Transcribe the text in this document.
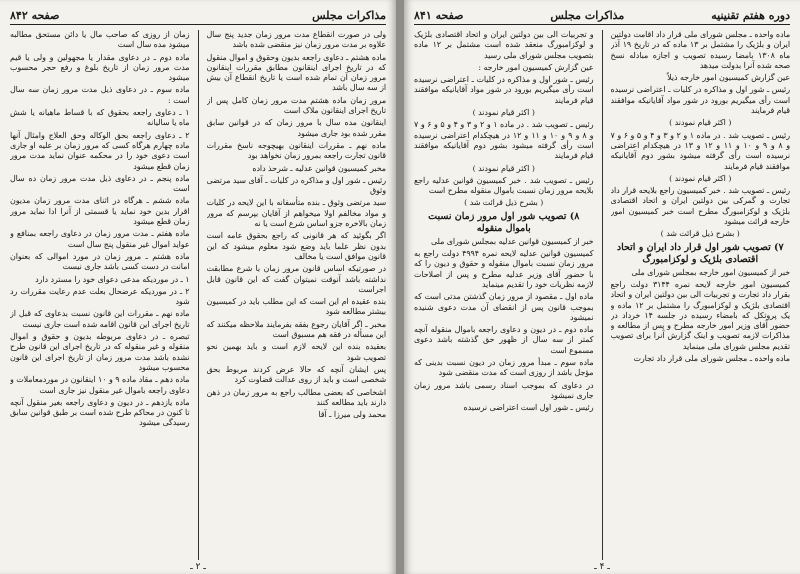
مذاکرات مجلس
صفحه ۸۴۲

ولی در صورت انقطاع مدت مرور زمان جدید پنج سال علاوه بر مدت مرور زمان نیز منقضی شده باشد

ماده هشتم ـ دعاوی راجعه بدیون وحقوق و اموال منقول که در تاریخ اجرای اینقانون مطابق مقررات اینقانون مرور زمان آن تمام شده است یا تاریخ انقطاع آن بیش از سه سال باشد

مرور زمان ماده هشتم مدت مرور زمان کامل پس از تاریخ اجرای اینقانون ملاک است

اینقانون مده سال با مرور زمان که در قوانین سابق مقرر شده بود جاری میشود

ماده نهم ـ مقررات اینقانون بهیچوجه ناسخ مقررات قانون تجارت راجعه بمرور زمان نخواهد بود

مخبر کمیسیون قوانین عدلیه ـ شرحذ داده

رئیس ـ شور اول و مذاکره در کلیات ـ آقای سید مرتضی وثوق

سید مرتضی وثوق ـ بنده متأسفانه با این لایحه در کلیات و مواد مخالفم اولا میخواهم از آقایان بپرسم که مرور زمان بالاخره جزو اساس شرع است یا نه

اگر بگوئید که هر قانونی که راجع بحقوق عامه است بدون نظر علما باید وضع شود معلوم میشود که این قانون موافق است یا مخالف

در صورتیکه اساس قانون مرور زمان با شرع مطابقت نداشته باشد آنوقت نمیتوان گفت که این قانون قابل اجراست

بنده عقیده ام این است که این مطلب باید در کمیسیون بیشتر مطالعه شود

مخبر ـ اگر آقایان رجوع بفقه بفرمایند ملاحظه میکنند که این مسأله در فقه هم مسبوق است

بعقیده بنده این لایحه لازم است و باید بهمین نحو تصویب شود

پس ایشان آنچه که حالا عرض کردند مربوط بحق شخصی است و باید از روی عدالت قضاوت کرد

اشخاصی که بعضی مطالب راجع به مرور زمان در ذهن دارند باید مطالعه کنند

محمد ولی میرزا ـ آقا

زمان از روزی که صاحب مال یا دائن مستحق مطالبه میشود مده سال است

ماده دوم ـ در دعاوی مقدار یا مجهولین و ولی یا قیم مدت مرور زمان از تاریخ بلوغ و رفع حجر محسوب میشود

ماده سوم ـ در دعاوی ذیل مدت مرور زمان سه سال است :

۱ ـ دعاوی راجعه بحقوق که با قساط ماهیانه یا شش ماه یا سالیانه

۲ ـ دعاوی راجعه بحق الوکاله وحق العلاج وامثال آنها ماده چهارم هرگاه کسی که مرور زمان بر علیه او جاری است دعوی خود را در محکمه عنوان نماید مدت مرور زمان قطع میشود

ماده پنجم ـ در دعاوی ذیل مدت مرور زمان ده سال است

ماده ششم ـ هرگاه در اثنای مدت مرور زمان مدیون اقرار بدین خود نماید یا قسمتی از آنرا ادا نماید مرور زمان قطع میشود

ماده هفتم ـ مدت مرور زمان در دعاوی راجعه بمنافع و عواید اموال غیر منقول پنج سال است

ماده هشتم ـ مرور زمان در مورد اموالی که بعنوان امانت در دست کسی باشد جاری نیست

۱ ـ در موردیکه مدعی دعوای خود را مسترد دارد

۲ ـ در موردیکه عرضحال بعلت عدم رعایت مقررات رد شود

ماده نهم ـ مقررات این قانون نسبت بدعاوی که قبل از تاریخ اجرای این قانون اقامه شده است جاری نیست

تبصره ـ در دعاوی مربوطه بدیون و حقوق و اموال منقوله و غیر منقوله که در تاریخ اجرای این قانون طرح نشده باشد مدت مرور زمان از تاریخ اجرای این قانون محسوب میشود

ماده دهم ـ مقاد ماده ۹ و ۱۰ اینقانون در موردمعاملات و دعاوی راجعه باموال غیر منقول نیز جاری است

ماده یازدهم ـ در دیون و دعاوی راجعه بغیر منقول آنچه تا کنون در محاکم طرح شده است بر طبق قوانین سابق رسیدگی میشود

ـ ۲ ـ
دوره هفتم تقنینیه
مذاکرات مجلس
صفحه ۸۴۱

ماده واحده ـ مجلس شورای ملی قرار داد اقامت دولتین ایران و بلژیک را مشتمل بر ۱۳ ماده که در تاریخ ۱۹ آذر ماه ۱۳۰۸ بامضا رسیده تصویب و اجازه مبادله نسخ صحه شده آنرا بدولت میدهد

عین گزارش کمیسیون امور خارجه ذیلاً

رئیس ـ شور اول و مذاکره در کلیات ـ اعتراضی نرسیده است رأی میگیریم بورود در شور مواد آقایانیکه موافقند قیام فرمایند

( اکثر قیام نمودند )

رئیس ـ تصویب شد . در ماده ۱ و ۲ و ۳ و ۴ و ۵ و ۶ و ۷ و ۸ و ۹ و ۱۰ و ۱۱ و ۱۲ و ۱۳ در هیچکدام اعتراضی نرسیده است رأی گرفته میشود بشور دوم آقایانیکه موافقند قیام فرمایند

( اکثر قیام نمودند )

رئیس ـ تصویب شد . خبر کمیسیون راجع بلایحه قرار داد تجارت و گمرکی بین دولتین ایران و اتحاد اقتصادی بلژیک و لوکزامبورگ مطرح است خبر کمیسیون امور خارجه قرائت میشود

( بشرح ذیل قرائت شد )

۷) تصویب شور اول قرار داد ایران و اتحاد اقتصادی بلژیک و لوکزامبورگ

خبر از کمیسیون امور خارجه بمجلس شورای ملی

کمیسیون امور خارجه لایحه نمره ۳۱۴۴ دولت راجع بقرار داد تجارت و تجربیات الی بین دولتین ایران و اتحاد اقتصادی بلژیک و لوکزامبورگ را مشتمل بر ۱۲ ماده و یک پروتکل که بامضاء رسیده در جلسه ۱۴ خرداد در حضور آقای وزیر امور خارجه مطرح و پس از مطالعه و مذاکرات لازمه تصویب و اینک گزارش آنرا برای تصویب تقدیم مجلس شورای ملی مینماید

ماده واحده ـ مجلس شورای ملی قرار داد تجارت

و تجربیات الی بین دولتین ایران و اتحاد اقتصادی بلژیک و لوکزامبورگ منعقد شده است مشتمل بر ۱۲ ماده بتصویب مجلس شورای ملی رسید

عین گزارش کمیسیون امور خارجه :

رئیس ـ شور اول و مذاکره در کلیات ـ اعتراضی نرسیده است رأی میگیریم بورود در شور مواد آقایانیکه موافقند قیام فرمایند

( اکثر قیام نمودند )

رئیس ـ تصویب شد . در ماده ۱ و ۲ و ۳ و ۴ و ۵ و ۶ و ۷ و ۸ و ۹ و ۱۰ و ۱۱ و ۱۲ در هیچکدام اعتراضی نرسیده است رأی گرفته میشود بشور دوم آقایانیکه موافقند قیام فرمایند

( اکثر قیام نمودند )

رئیس ـ تصویب شد . خبر کمیسیون قوانین عدلیه راجع بلایحه مرور زمان نسبت باموال منقوله مطرح است

( بشرح ذیل قرائت شد )

۸) تصویب شور اول مرور زمان نسبت باموال منقوله

خبر از کمیسیون قوانین عدلیه بمجلس شورای ملی

کمیسیون قوانین عدلیه لایحه نمره ۴۹۹۴ دولت راجع به مرور زمان نسبت باموال منقوله و حقوق و دیون را که با حضور آقای وزیر عدلیه مطرح و پس از اصلاحات لازمه نظریات خود را تقدیم مینماید

ماده اول ـ مقصود از مرور زمان گذشتن مدتی است که بموجب قانون پس از انقضای آن مدت دعوی شنیده نمیشود

ماده دوم ـ در دیون و دعاوی راجعه باموال منقوله آنچه کمتر از سه سال از ظهور حق گذشته باشد دعوی مسموع است

ماده سوم ـ مبدأ مرور زمان در دیون نسبت بدینی که مؤجل باشد از روزی است که مدت منقضی شود

در دعاوی که بموجب اسناد رسمی باشد مرور زمان جاری نمیشود

رئیس ـ شور اول است اعتراضی نرسیده

ـ ۴ ـ
